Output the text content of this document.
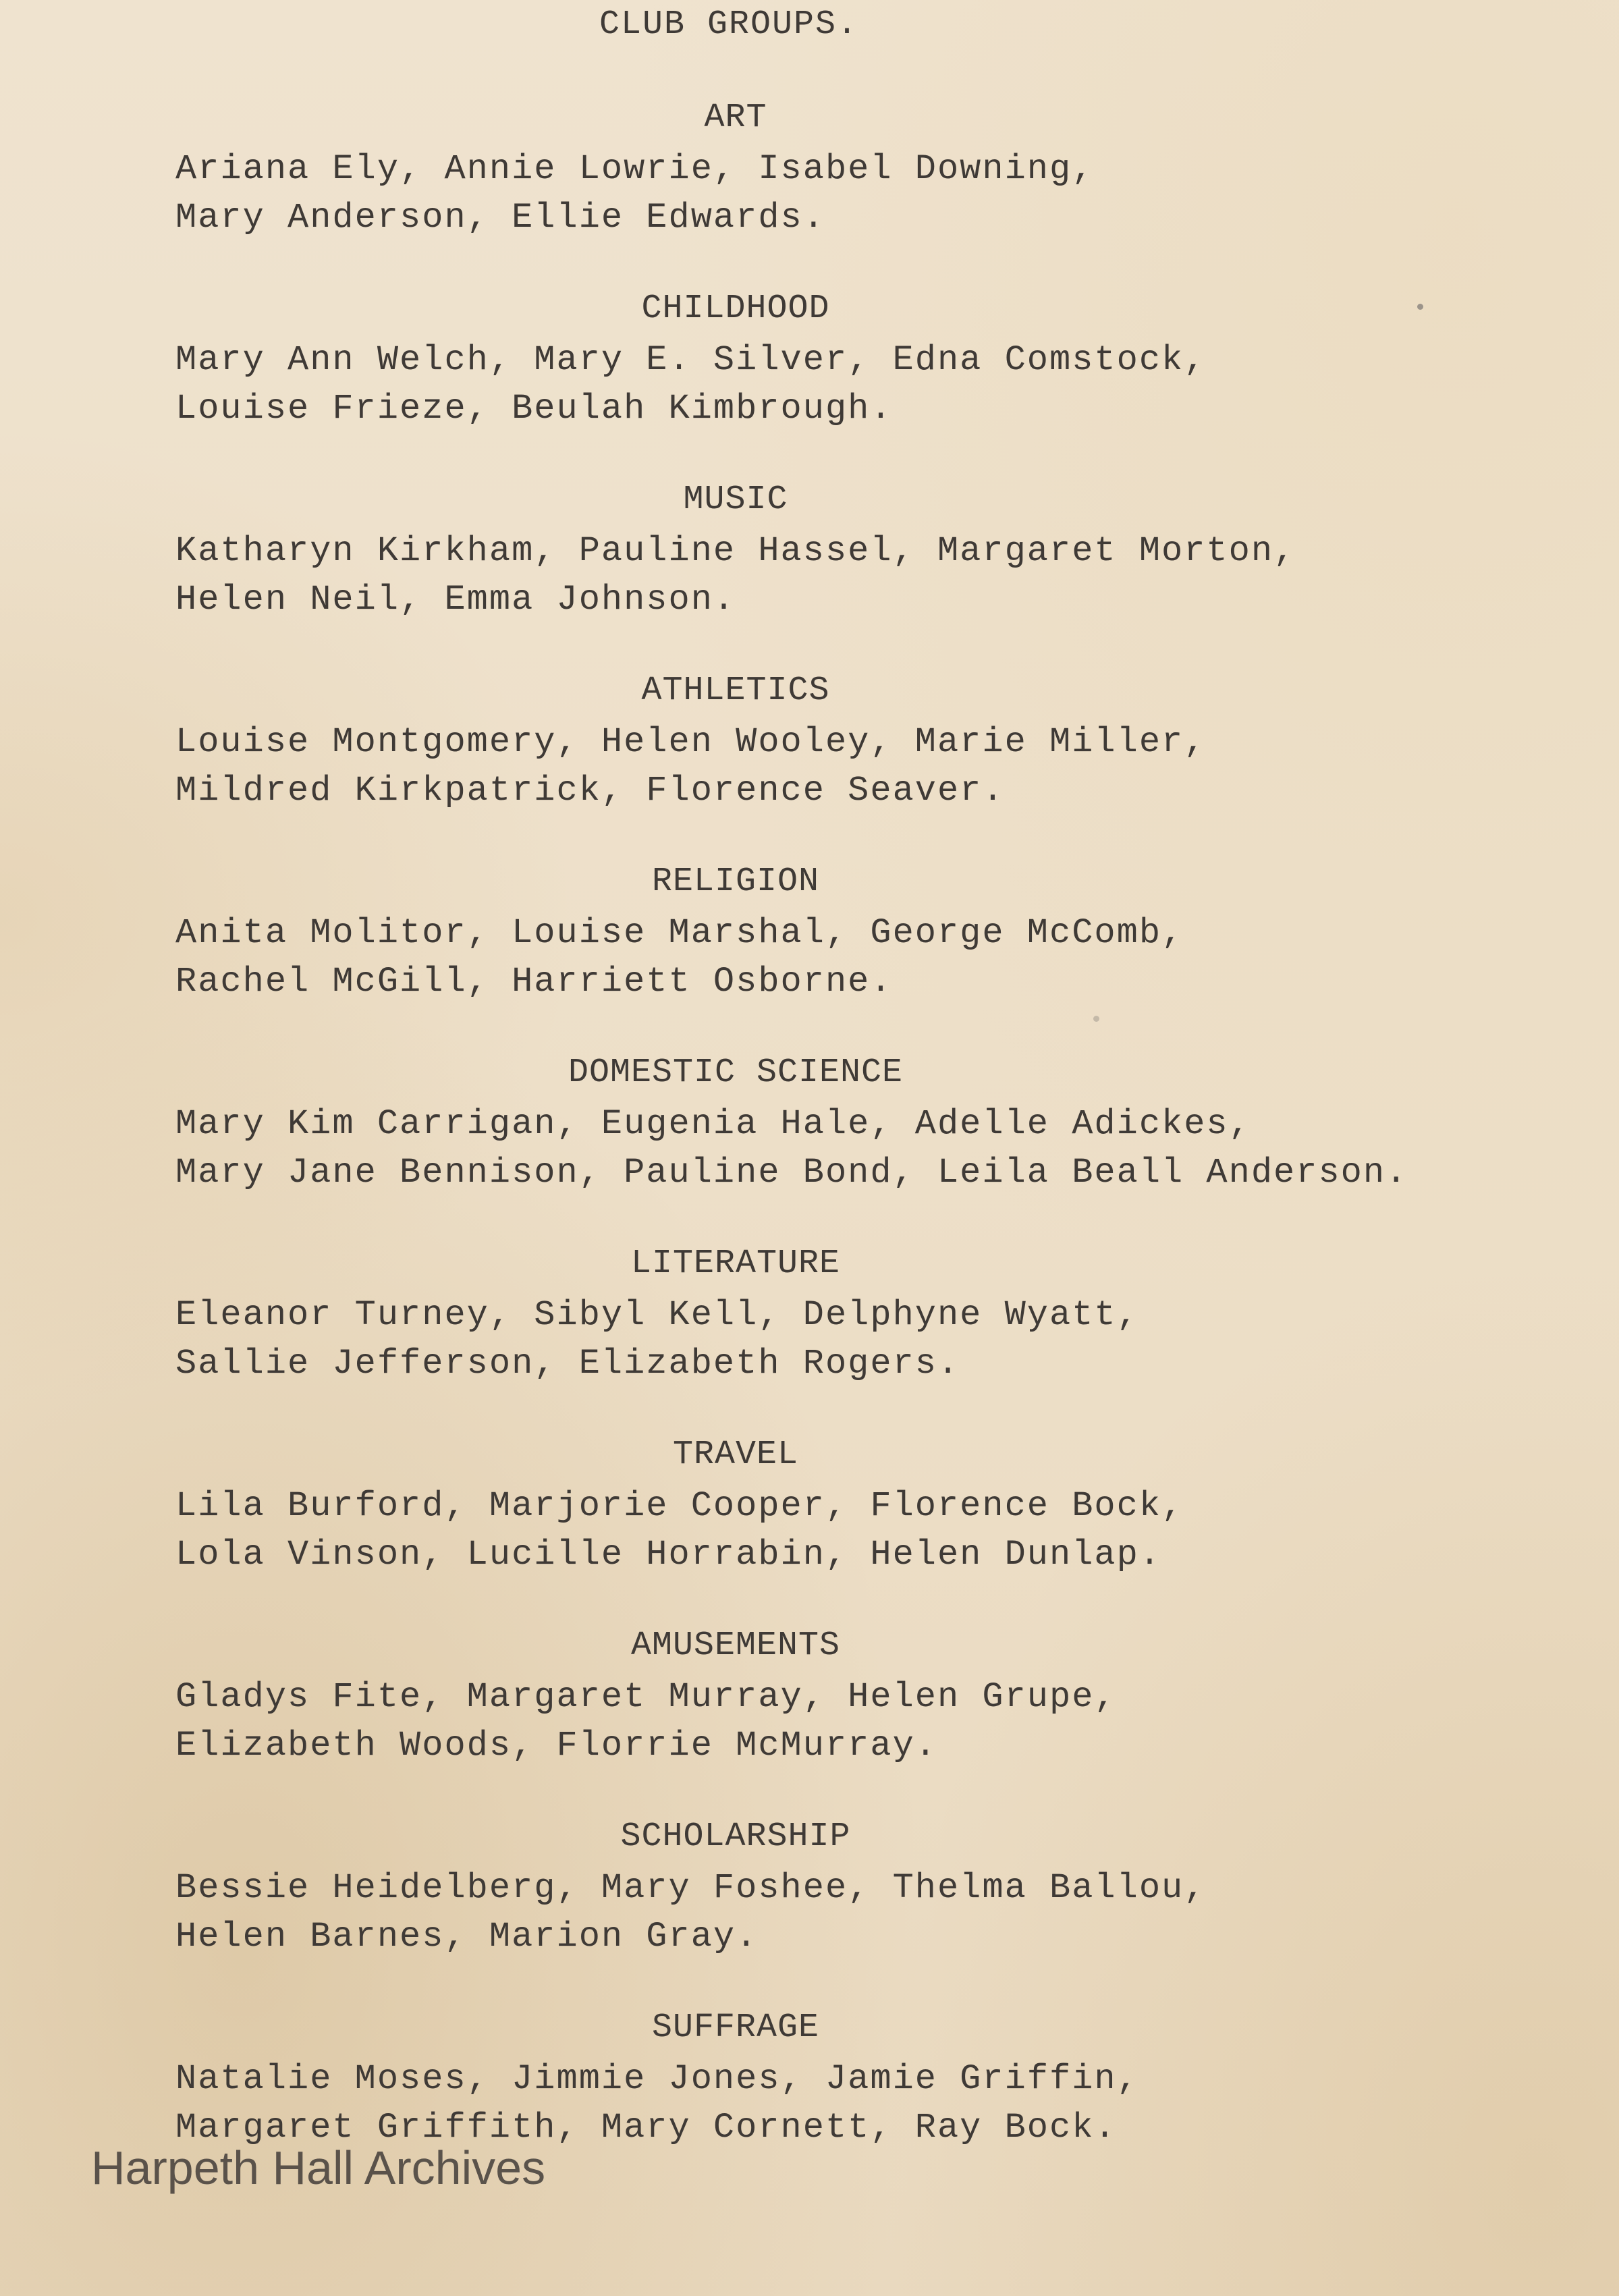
CLUB GROUPS.
ART
Ariana Ely, Annie Lowrie, Isabel Downing,
Mary Anderson, Ellie Edwards.
CHILDHOOD
Mary Ann Welch, Mary E. Silver, Edna Comstock,
Louise Frieze, Beulah Kimbrough.
MUSIC
Katharyn Kirkham, Pauline Hassel, Margaret Morton,
Helen Neil, Emma Johnson.
ATHLETICS
Louise Montgomery, Helen Wooley, Marie Miller,
Mildred Kirkpatrick, Florence Seaver.
RELIGION
Anita Molitor, Louise Marshal, George McComb,
Rachel McGill, Harriett Osborne.
DOMESTIC SCIENCE
Mary Kim Carrigan, Eugenia Hale, Adelle Adickes,
Mary Jane Bennison, Pauline Bond, Leila Beall Anderson.
LITERATURE
Eleanor Turney, Sibyl Kell, Delphyne Wyatt,
Sallie Jefferson, Elizabeth Rogers.
TRAVEL
Lila Burford, Marjorie Cooper, Florence Bock,
Lola Vinson, Lucille Horrabin, Helen Dunlap.
AMUSEMENTS
Gladys Fite, Margaret Murray, Helen Grupe,
Elizabeth Woods, Florrie McMurray.
SCHOLARSHIP
Bessie Heidelberg, Mary Foshee, Thelma Ballou,
Helen Barnes, Marion Gray.
SUFFRAGE
Natalie Moses, Jimmie Jones, Jamie Griffin,
Margaret Griffith, Mary Cornett, Ray Bock.
Harpeth Hall Archives
